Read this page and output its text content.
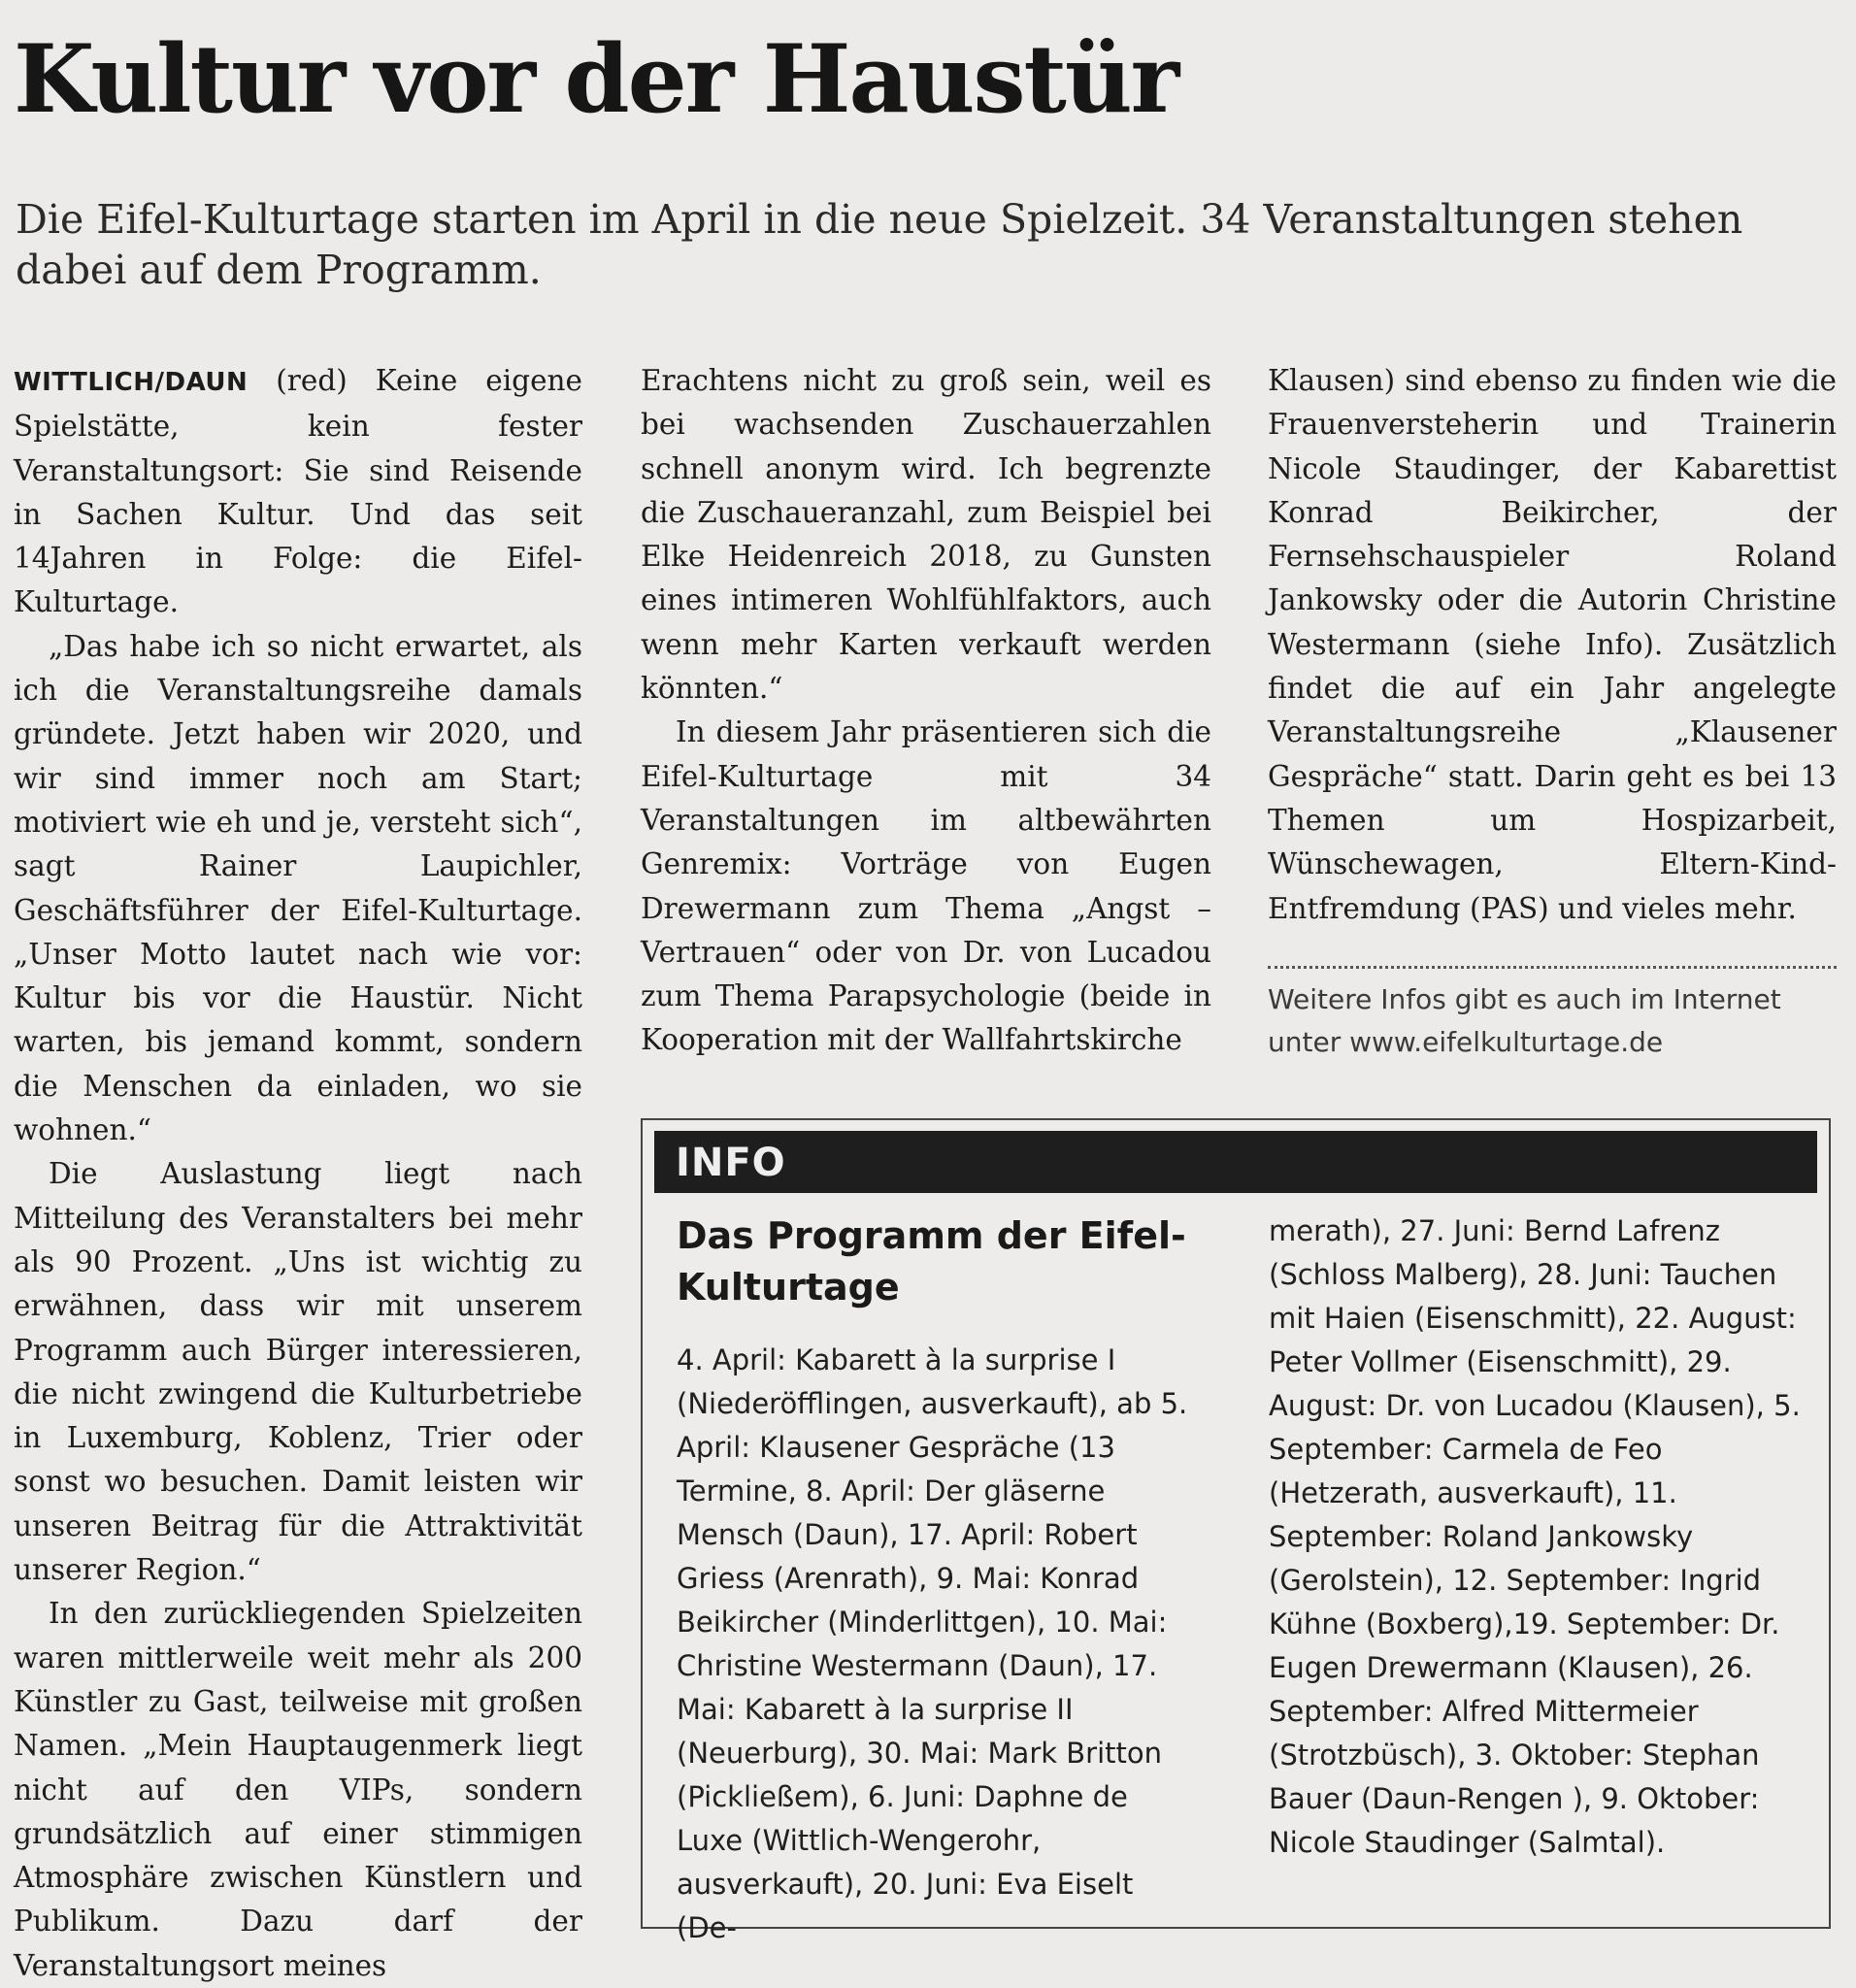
Kultur vor der Haustür

Die Eifel-Kulturtage starten im April in die neue Spielzeit. 34 Veranstaltungen stehen dabei auf dem Programm.

WITTLICH/DAUN (red) Keine eigene Spielstätte, kein fester Veranstaltungsort: Sie sind Reisende in Sachen Kultur. Und das seit 14Jahren in Folge: die Eifel-Kulturtage.

„Das habe ich so nicht erwartet, als ich die Veranstaltungsreihe damals gründete. Jetzt haben wir 2020, und wir sind immer noch am Start; motiviert wie eh und je, versteht sich“, sagt Rainer Laupichler, Geschäftsführer der Eifel-Kulturtage. „Unser Motto lautet nach wie vor: Kultur bis vor die Haustür. Nicht warten, bis jemand kommt, sondern die Menschen da einladen, wo sie wohnen.“

Die Auslastung liegt nach Mitteilung des Veranstalters bei mehr als 90 Prozent. „Uns ist wichtig zu erwähnen, dass wir mit unserem Programm auch Bürger interessieren, die nicht zwingend die Kulturbetriebe in Luxemburg, Koblenz, Trier oder sonst wo besuchen. Damit leisten wir unseren Beitrag für die Attraktivität unserer Region.“

In den zurückliegenden Spielzeiten waren mittlerweile weit mehr als 200 Künstler zu Gast, teilweise mit großen Namen. „Mein Hauptaugenmerk liegt nicht auf den VIPs, sondern grundsätzlich auf einer stimmigen Atmosphäre zwischen Künstlern und Publikum. Dazu darf der Veranstaltungsort meines

Erachtens nicht zu groß sein, weil es bei wachsenden Zuschauerzahlen schnell anonym wird. Ich begrenzte die Zuschaueranzahl, zum Beispiel bei Elke Heidenreich 2018, zu Gunsten eines intimeren Wohlfühlfaktors, auch wenn mehr Karten verkauft werden könnten.“

In diesem Jahr präsentieren sich die Eifel-Kulturtage mit 34 Veranstaltungen im altbewährten Genremix: Vorträge von Eugen Drewermann zum Thema „Angst – Vertrauen“ oder von Dr. von Lucadou zum Thema Parapsychologie (beide in Kooperation mit der Wallfahrtskirche

Klausen) sind ebenso zu finden wie die Frauenversteherin und Trainerin Nicole Staudinger, der Kabarettist Konrad Beikircher, der Fernsehschauspieler Roland Jankowsky oder die Autorin Christine Westermann (siehe Info). Zusätzlich findet die auf ein Jahr angelegte Veranstaltungsreihe „Klausener Gespräche“ statt. Darin geht es bei 13 Themen um Hospizarbeit, Wünschewagen, Eltern-Kind-Entfremdung (PAS) und vieles mehr.

Weitere Infos gibt es auch im Internet unter www.eifelkulturtage.de
INFO
Das Programm der Eifel-Kulturtage
4. April: Kabarett à la surprise I (Niederöfflingen, ausverkauft), ab 5. April: Klausener Gespräche (13 Termine, 8. April: Der gläserne Mensch (Daun), 17. April: Robert Griess (Arenrath), 9. Mai: Konrad Beikircher (Minderlittgen), 10. Mai: Christine Westermann (Daun), 17. Mai: Kabarett à la surprise II (Neuerburg), 30. Mai: Mark Britton (Pickließem), 6. Juni: Daphne de Luxe (Wittlich-Wengerohr, ausverkauft), 20. Juni: Eva Eiselt (De-
merath), 27. Juni: Bernd Lafrenz (Schloss Malberg), 28. Juni: Tauchen mit Haien (Eisenschmitt), 22. August: Peter Vollmer (Eisenschmitt), 29. August: Dr. von Lucadou (Klausen), 5. September: Carmela de Feo (Hetzerath, ausverkauft), 11. September: Roland Jankowsky (Gerolstein), 12. September: Ingrid Kühne (Boxberg),19. September: Dr. Eugen Drewermann (Klausen), 26. September: Alfred Mittermeier (Strotzbüsch), 3. Oktober: Stephan Bauer (Daun-Rengen ), 9. Oktober: Nicole Staudinger (Salmtal).
